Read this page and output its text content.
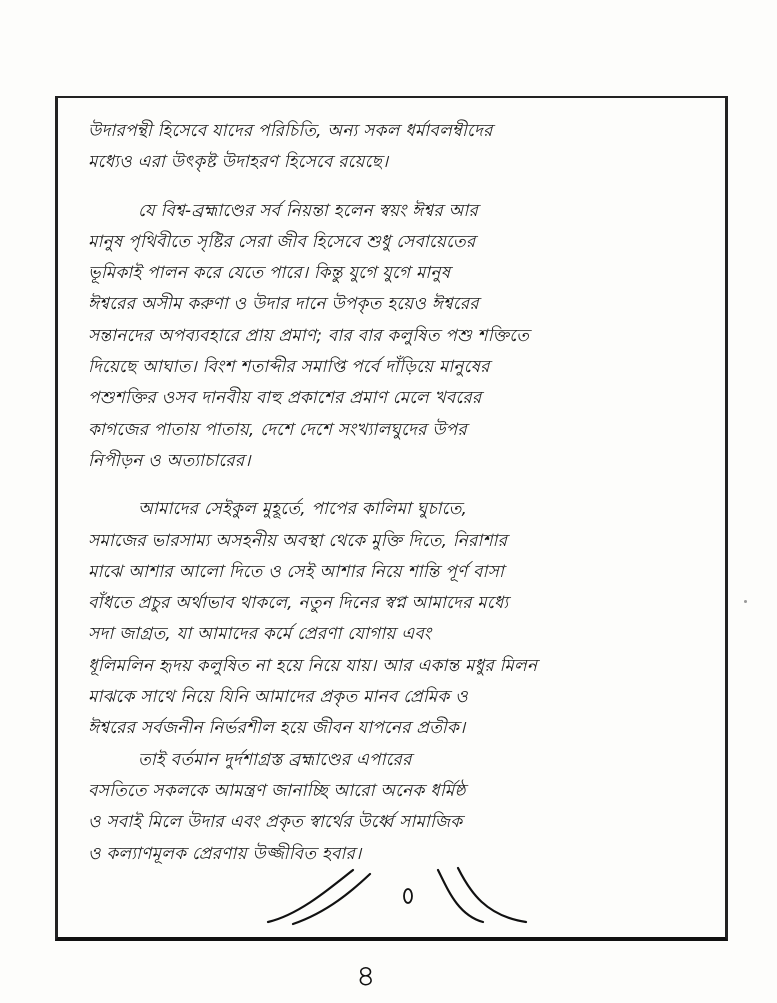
উদারপন্থী হিসেবে যাদের পরিচিতি, অন্য সকল ধর্মাবলম্বীদের
মধ্যেও এরা উৎকৃষ্ট উদাহরণ হিসেবে রয়েছে।
যে বিশ্ব-ব্রহ্মাণ্ডের সর্ব নিয়ন্তা হলেন স্বয়ং ঈশ্বর আর
মানুষ পৃথিবীতে সৃষ্টির সেরা জীব হিসেবে শুধু সেবায়েতের
ভূমিকাই পালন করে যেতে পারে। কিন্তু যুগে যুগে মানুষ
ঈশ্বরের অসীম করুণা ও উদার দানে উপকৃত হয়েও ঈশ্বরের
সন্তানদের অপব্যবহারে প্রায় প্রমাণ; বার বার কলুষিত পশু শক্তিতে
দিয়েছে আঘাত। বিংশ শতাব্দীর সমাপ্তি পর্বে দাঁড়িয়ে মানুষের
পশুশক্তির ওসব দানবীয় বাহু প্রকাশের প্রমাণ মেলে খবরের
কাগজের পাতায় পাতায়, দেশে দেশে সংখ্যালঘুদের উপর
নিপীড়ন ও অত্যাচারের।
আমাদের সেইকুল মুহূর্তে, পাপের কালিমা ঘুচাতে,
সমাজের ভারসাম্য অসহনীয় অবস্থা থেকে মুক্তি দিতে, নিরাশার
মাঝে আশার আলো দিতে ও সেই আশার নিয়ে শান্তি পূর্ণ বাসা
বাঁধতে প্রচুর অর্থাভাব থাকলে, নতুন দিনের স্বপ্ন আমাদের মধ্যে
সদা জাগ্রত, যা আমাদের কর্মে প্রেরণা যোগায় এবং
ধূলিমলিন হৃদয় কলুষিত না হয়ে নিয়ে যায়। আর একান্ত মধুর মিলন
মাঝকে সাথে নিয়ে যিনি আমাদের প্রকৃত মানব প্রেমিক ও
ঈশ্বরের সর্বজনীন নির্ভরশীল হয়ে জীবন যাপনের প্রতীক।
তাই বর্তমান দুর্দশাগ্রস্ত ব্রহ্মাণ্ডের এপারের
বসতিতে সকলকে আমন্ত্রণ জানাচ্ছি আরো অনেক ধর্মিষ্ঠ
ও সবাই মিলে উদার এবং প্রকৃত স্বার্থের উর্ধ্বে সামাজিক
ও কল্যাণমূলক প্রেরণায় উজ্জীবিত হবার।
৪
